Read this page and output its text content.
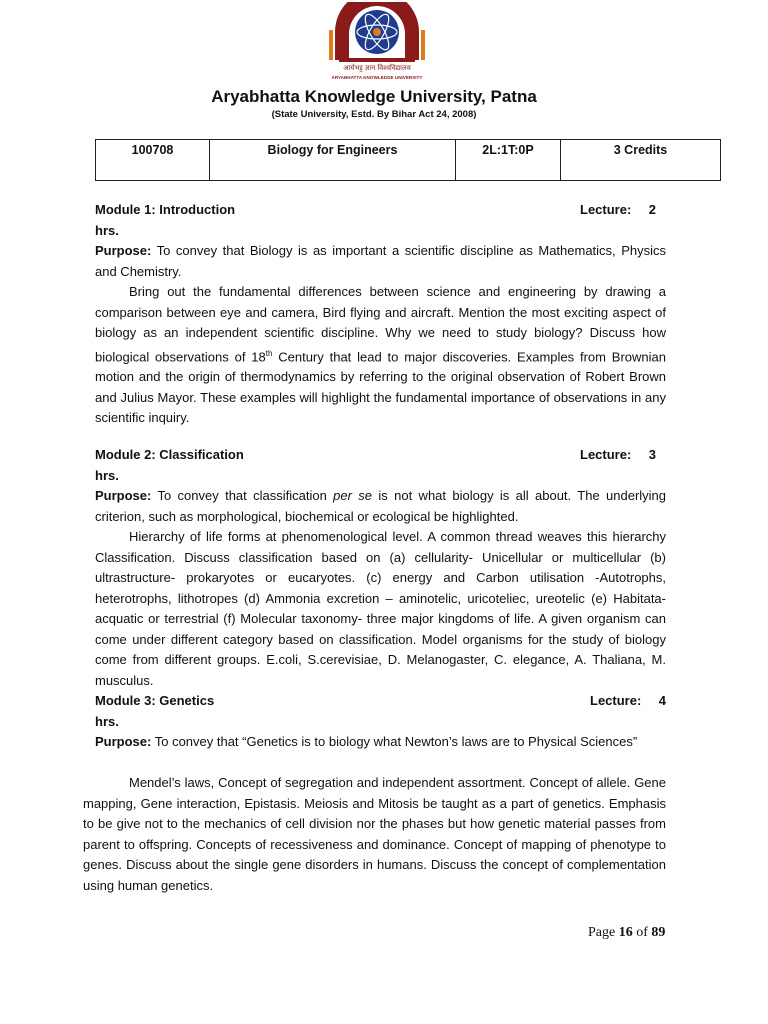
आर्यभट्ट ज्ञान विश्वविद्यालय
ARYABHATTA KNOWLEDGE UNIVERSITY
Aryabhatta Knowledge University, Patna
(State University, Estd. By Bihar Act 24, 2008)
100708	Biology for Engineers	2L:1T:0P	3 Credits
Module 1: Introduction	Lecture: 2

hrs.

Purpose: To convey that Biology is as important a scientific discipline as Mathematics, Physics and Chemistry.

Bring out the fundamental differences between science and engineering by drawing a comparison between eye and camera, Bird flying and aircraft. Mention the most exciting aspect of biology as an independent scientific discipline. Why we need to study biology? Discuss how biological observations of 18th Century that lead to major discoveries. Examples from Brownian motion and the origin of thermodynamics by referring to the original observation of Robert Brown and Julius Mayor. These examples will highlight the fundamental importance of observations in any scientific inquiry.

Module 2: Classification	Lecture: 3

hrs.

Purpose: To convey that classification per se is not what biology is all about. The underlying criterion, such as morphological, biochemical or ecological be highlighted.

Hierarchy of life forms at phenomenological level. A common thread weaves this hierarchy Classification. Discuss classification based on (a) cellularity- Unicellular or multicellular (b) ultrastructure- prokaryotes or eucaryotes. (c) energy and Carbon utilisation -Autotrophs, heterotrophs, lithotropes (d) Ammonia excretion – aminotelic, uricoteliec, ureotelic (e) Habitata- acquatic or terrestrial (f) Molecular taxonomy- three major kingdoms of life. A given organism can come under different category based on classification. Model organisms for the study of biology come from different groups. E.coli, S.cerevisiae, D. Melanogaster, C. elegance, A. Thaliana, M. musculus.

Module 3: Genetics	Lecture: 4

hrs.

Purpose: To convey that “Genetics is to biology what Newton’s laws are to Physical Sciences”

Mendel’s laws, Concept of segregation and independent assortment. Concept of allele. Gene mapping, Gene interaction, Epistasis. Meiosis and Mitosis be taught as a part of genetics. Emphasis to be give not to the mechanics of cell division nor the phases but how genetic material passes from parent to offspring. Concepts of recessiveness and dominance. Concept of mapping of phenotype to genes. Discuss about the single gene disorders in humans. Discuss the concept of complementation using human genetics.

Page 16 of 89
